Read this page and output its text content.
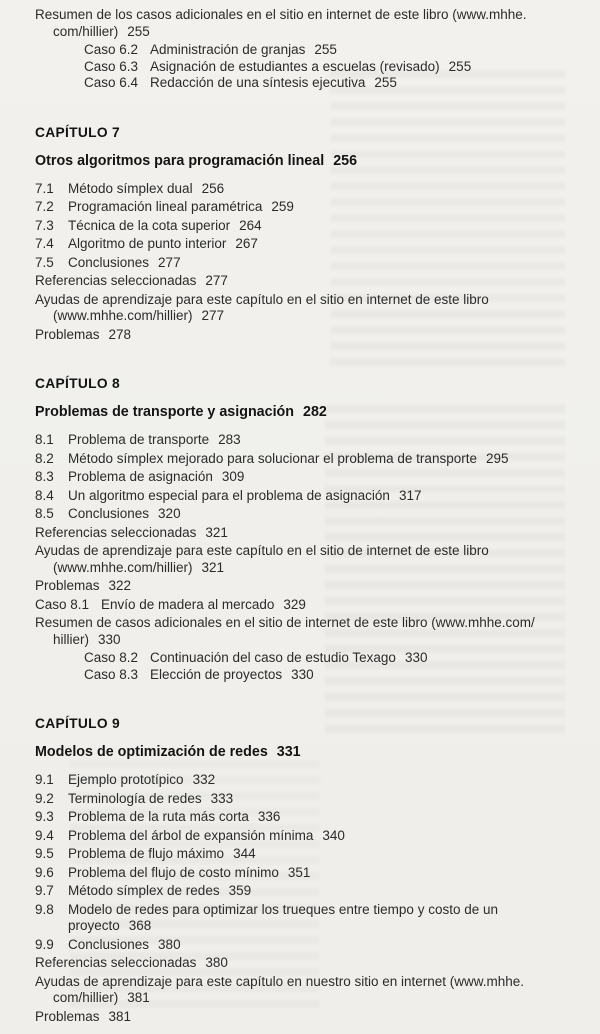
Resumen de los casos adicionales en el sitio en internet de este libro (www.mhhe.
com/hillier) 255
Caso 6.2 Administración de granjas 255
Caso 6.3 Asignación de estudiantes a escuelas (revisado) 255
Caso 6.4 Redacción de una síntesis ejecutiva 255
CAPÍTULO 7
Otros algoritmos para programación lineal 256
7.1 Método símplex dual 256
7.2 Programación lineal paramétrica 259
7.3 Técnica de la cota superior 264
7.4 Algoritmo de punto interior 267
7.5 Conclusiones 277
Referencias seleccionadas 277
Ayudas de aprendizaje para este capítulo en el sitio en internet de este libro
(www.mhhe.com/hillier) 277
Problemas 278
CAPÍTULO 8
Problemas de transporte y asignación 282
8.1 Problema de transporte 283
8.2 Método símplex mejorado para solucionar el problema de transporte 295
8.3 Problema de asignación 309
8.4 Un algoritmo especial para el problema de asignación 317
8.5 Conclusiones 320
Referencias seleccionadas 321
Ayudas de aprendizaje para este capítulo en el sitio de internet de este libro
(www.mhhe.com/hillier) 321
Problemas 322
Caso 8.1 Envío de madera al mercado 329
Resumen de casos adicionales en el sitio de internet de este libro (www.mhhe.com/
hillier) 330
Caso 8.2 Continuación del caso de estudio Texago 330
Caso 8.3 Elección de proyectos 330
CAPÍTULO 9
Modelos de optimización de redes 331
9.1 Ejemplo prototípico 332
9.2 Terminología de redes 333
9.3 Problema de la ruta más corta 336
9.4 Problema del árbol de expansión mínima 340
9.5 Problema de flujo máximo 344
9.6 Problema del flujo de costo mínimo 351
9.7 Método símplex de redes 359
9.8 Modelo de redes para optimizar los trueques entre tiempo y costo de un
proyecto 368
9.9 Conclusiones 380
Referencias seleccionadas 380
Ayudas de aprendizaje para este capítulo en nuestro sitio en internet (www.mhhe.
com/hillier) 381
Problemas 381
